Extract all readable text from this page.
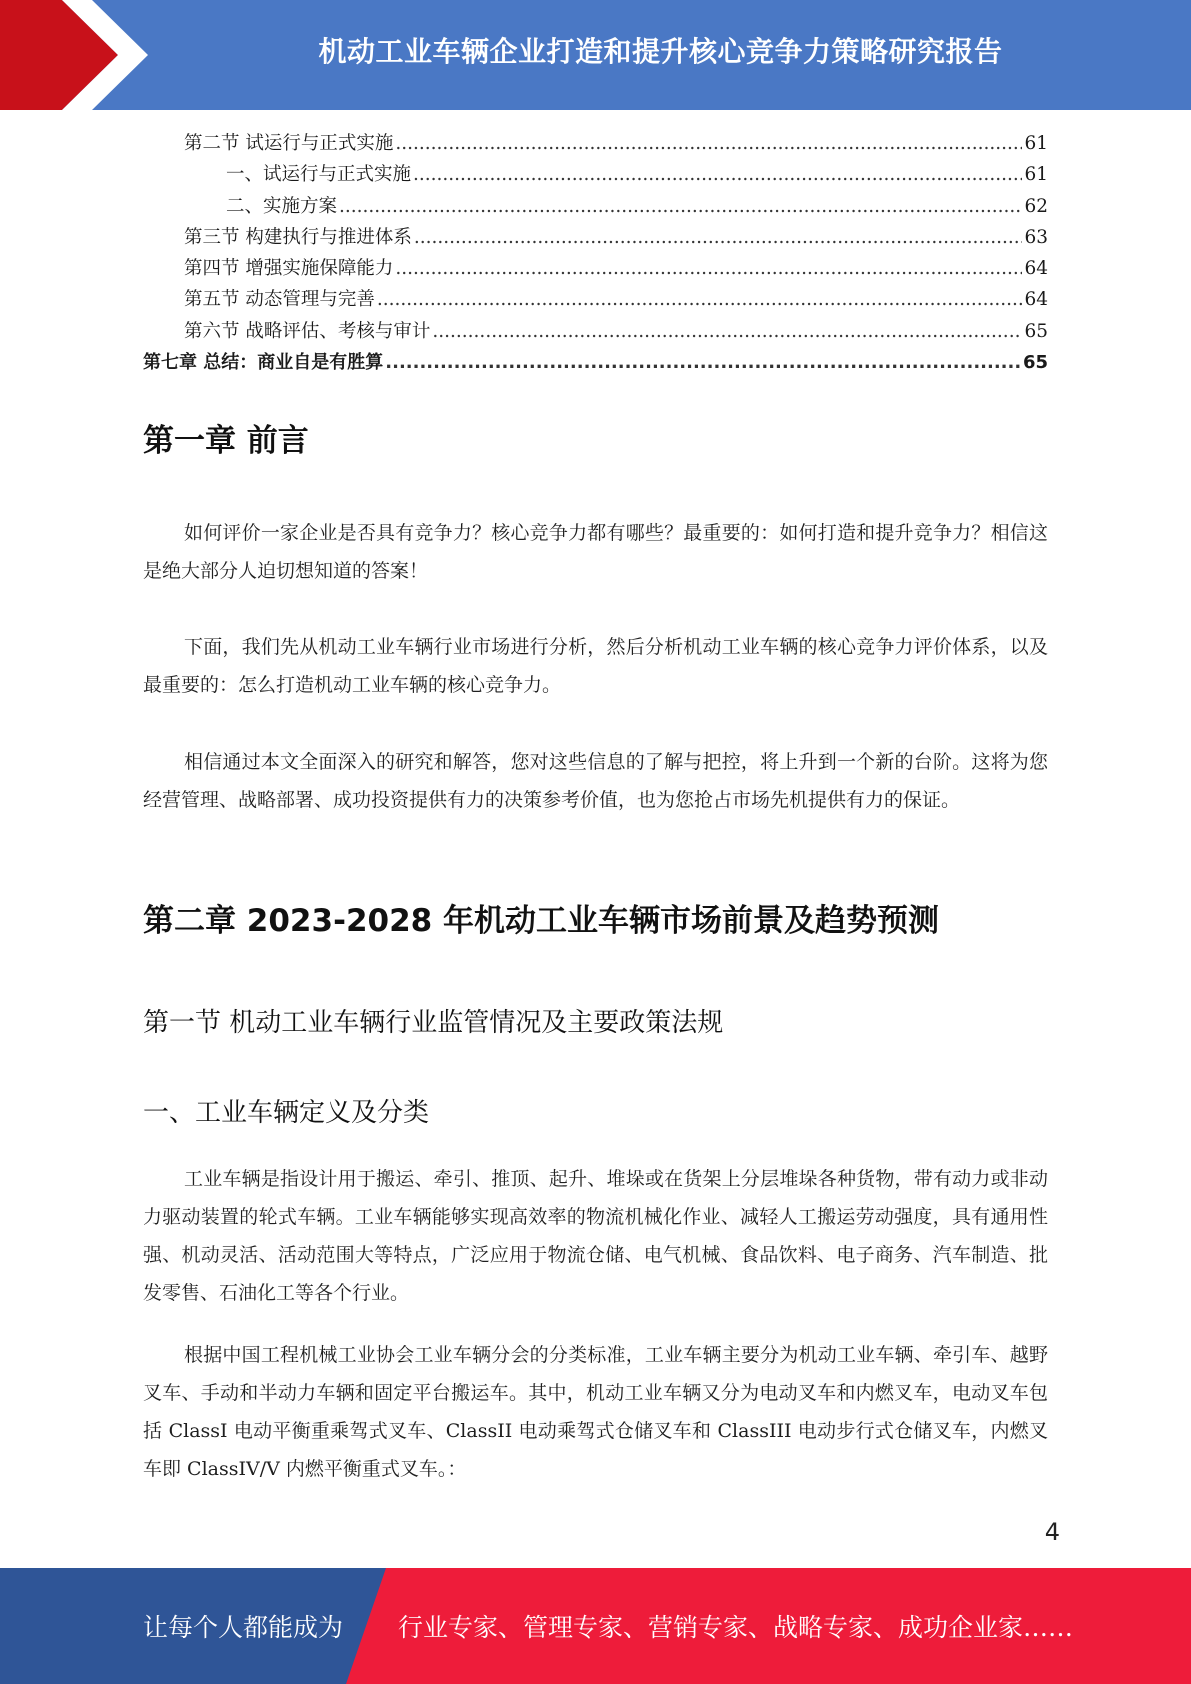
机动工业车辆企业打造和提升核心竞争力策略研究报告
第二节 试运行与正式实施 .....	61
一、试运行与正式实施 .....	61
二、实施方案 .....	62
第三节 构建执行与推进体系 .....	63
第四节 增强实施保障能力 .....	64
第五节 动态管理与完善 .....	64
第六节 战略评估、考核与审计 .....	65
第七章 总结：商业自是有胜算 .....	65
第一章 前言

如何评价一家企业是否具有竞争力？核心竞争力都有哪些？最重要的：如何打造和提升竞争力？相信这是绝大部分人迫切想知道的答案！

下面，我们先从机动工业车辆行业市场进行分析，然后分析机动工业车辆的核心竞争力评价体系，以及最重要的：怎么打造机动工业车辆的核心竞争力。

相信通过本文全面深入的研究和解答，您对这些信息的了解与把控，将上升到一个新的台阶。这将为您经营管理、战略部署、成功投资提供有力的决策参考价值，也为您抢占市场先机提供有力的保证。

第二章 2023-2028 年机动工业车辆市场前景及趋势预测
第一节 机动工业车辆行业监管情况及主要政策法规
一、工业车辆定义及分类

工业车辆是指设计用于搬运、牵引、推顶、起升、堆垛或在货架上分层堆垛各种货物，带有动力或非动力驱动装置的轮式车辆。工业车辆能够实现高效率的物流机械化作业、减轻人工搬运劳动强度，具有通用性强、机动灵活、活动范围大等特点，广泛应用于物流仓储、电气机械、食品饮料、电子商务、汽车制造、批发零售、石油化工等各个行业。

根据中国工程机械工业协会工业车辆分会的分类标准，工业车辆主要分为机动工业车辆、牵引车、越野叉车、手动和半动力车辆和固定平台搬运车。其中，机动工业车辆又分为电动叉车和内燃叉车，电动叉车包括 ClassI 电动平衡重乘驾式叉车、ClassII 电动乘驾式仓储叉车和 ClassIII 电动步行式仓储叉车，内燃叉车即 ClassIV/V 内燃平衡重式叉车。：

4
让每个人都能成为 行业专家、管理专家、营销专家、战略专家、成功企业家……
